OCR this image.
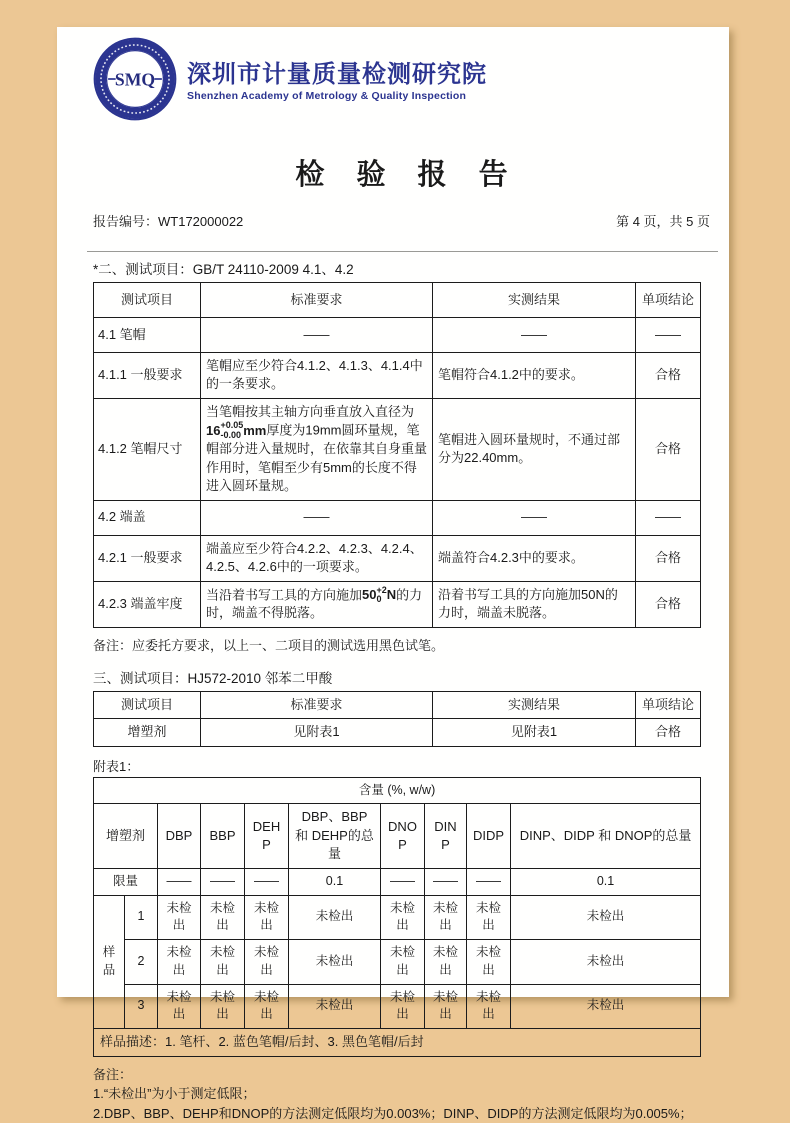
SMQ 深圳市计量质量检测研究院
Shenzhen Academy of Metrology & Quality Inspection
检 验 报 告
报告编号：WT172000022	第 4 页，共 5 页
*二、测试项目：GB/T 24110-2009 4.1、4.2
测试项目	标准要求	实测结果	单项结论
4.1 笔帽	——	——	——
4.1.1 一般要求	笔帽应至少符合4.1.2、4.1.3、4.1.4中的一条要求。	笔帽符合4.1.2中的要求。	合格
4.1.2 笔帽尺寸	当笔帽按其主轴方向垂直放入直径为16 +0.05
-0.00 mm厚度为19mm圆环量规，笔帽部分进入量规时，在依靠其自身重量作用时，笔帽至少有5mm的长度不得进入圆环量规。	笔帽进入圆环量规时，不通过部分为22.40mm。	合格
4.2 端盖	——	——	——
4.2.1 一般要求	端盖应至少符合4.2.2、4.2.3、4.2.4、4.2.5、4.2.6中的一项要求。	端盖符合4.2.3中的要求。	合格
4.2.3 端盖牢度	当沿着书写工具的方向施加50 +2
0 N的力时，端盖不得脱落。	沿着书写工具的方向施加50N的力时，端盖未脱落。	合格
备注：应委托方要求，以上一、二项目的测试选用黑色试笔。
三、测试项目：HJ572-2010 邻苯二甲酸
测试项目	标准要求	实测结果	单项结论
增塑剂	见附表1	见附表1	合格
附表1：
含量 (%, w/w)									
增塑剂		DBP	BBP	DEHP	DBP、BBP 和 DEHP的总量	DNOP	DINP	DIDP	DINP、DIDP 和 DNOP的总量
限量		——	——	——	0.1	——	——	——	0.1
样品	1	未检出	未检出	未检出	未检出	未检出	未检出	未检出	未检出
	2	未检出	未检出	未检出	未检出	未检出	未检出	未检出	未检出
	3	未检出	未检出	未检出	未检出	未检出	未检出	未检出	未检出
样品描述：1. 笔杆、2. 蓝色笔帽/后封、3. 黑色笔帽/后封									
备注：
1.“未检出”为小于测定低限；
2.DBP、BBP、DEHP和DNOP的方法测定低限均为0.003%；DINP、DIDP的方法测定低限均为0.005%；
